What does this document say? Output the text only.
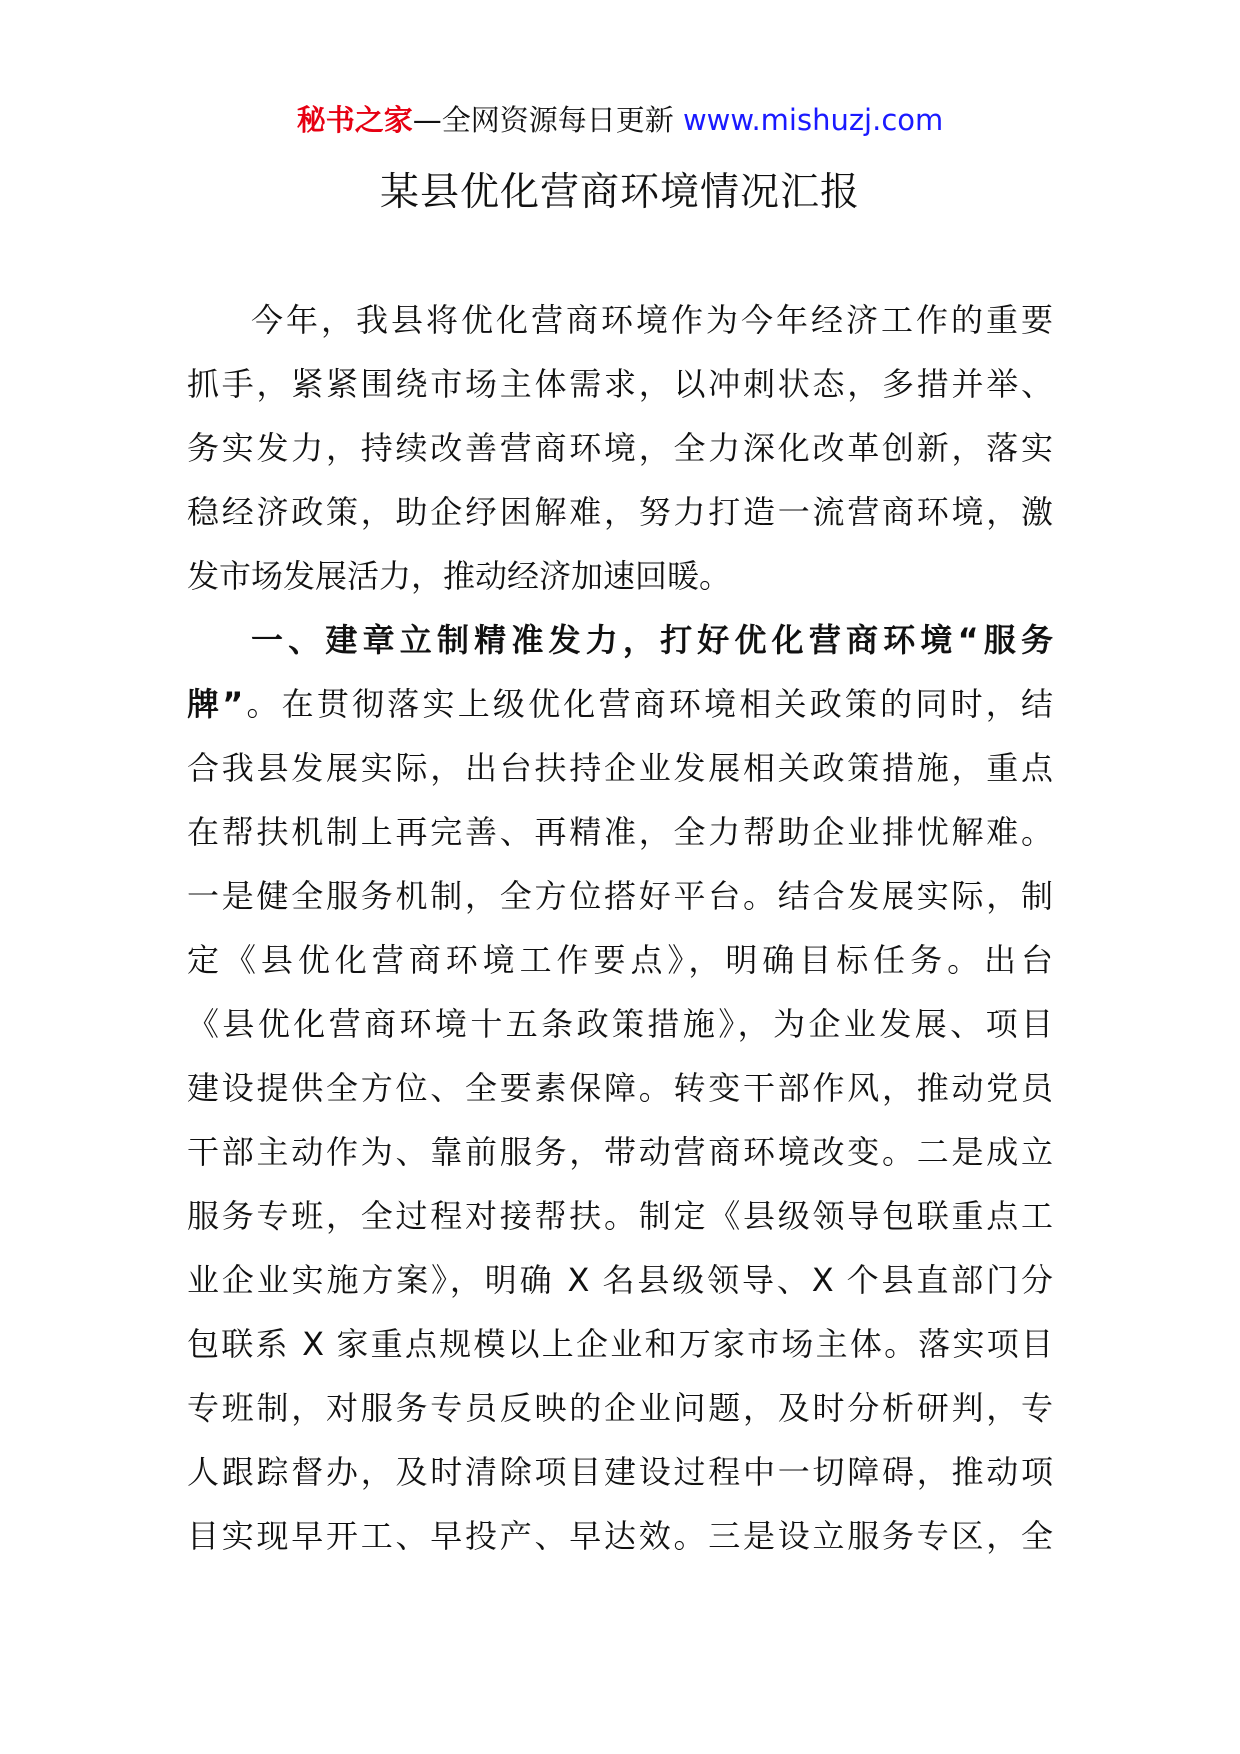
秘书之家—全网资源每日更新 www.mishuzj.com
某县优化营商环境情况汇报
今年，我县将优化营商环境作为今年经济工作的重要
抓手，紧紧围绕市场主体需求，以冲刺状态，多措并举、
务实发力，持续改善营商环境，全力深化改革创新，落实
稳经济政策，助企纾困解难，努力打造一流营商环境，激
发市场发展活力，推动经济加速回暖。
一、建章立制精准发力，打好优化营商环境“服务
牌”。在贯彻落实上级优化营商环境相关政策的同时，结
合我县发展实际，出台扶持企业发展相关政策措施，重点
在帮扶机制上再完善、再精准，全力帮助企业排忧解难。
一是健全服务机制，全方位搭好平台。结合发展实际，制
定《县优化营商环境工作要点》，明确目标任务。出台
《县优化营商环境十五条政策措施》，为企业发展、项目
建设提供全方位、全要素保障。转变干部作风，推动党员
干部主动作为、靠前服务，带动营商环境改变。二是成立
服务专班，全过程对接帮扶。制定《县级领导包联重点工
业企业实施方案》，明确 X 名县级领导、X 个县直部门分
包联系 X 家重点规模以上企业和万家市场主体。落实项目
专班制，对服务专员反映的企业问题，及时分析研判，专
人跟踪督办，及时清除项目建设过程中一切障碍，推动项
目实现早开工、早投产、早达效。三是设立服务专区，全
